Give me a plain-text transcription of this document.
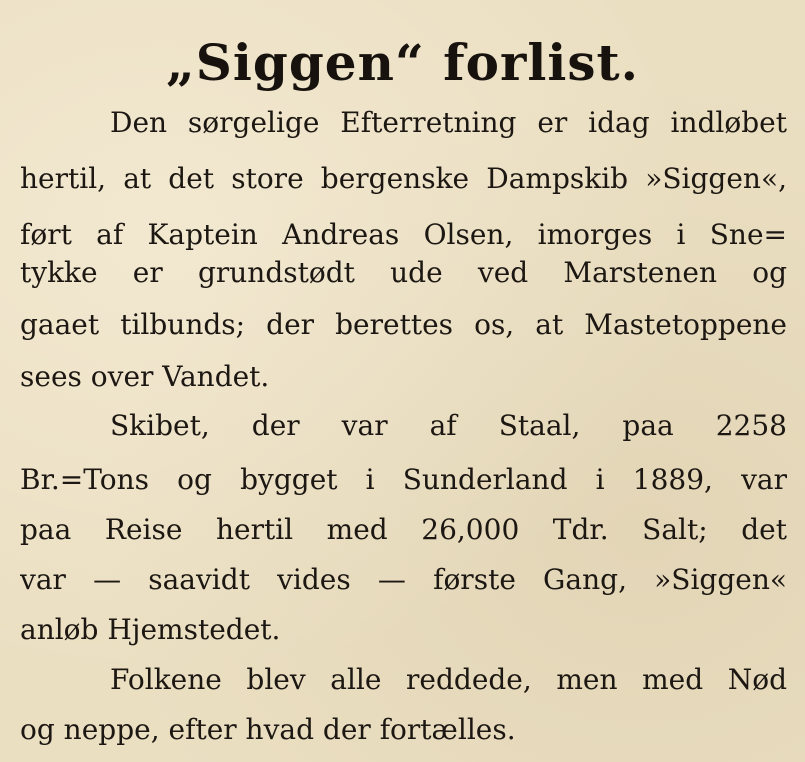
„Siggen“ forlist.
Den sørgelige Efterretning er idag indløbet
hertil, at det store bergenske Dampskib »Siggen«,
ført af Kaptein Andreas Olsen, imorges i Sne=
tykke er grundstødt ude ved Marstenen og
gaaet tilbunds; der berettes os, at Mastetoppene
sees over Vandet.
Skibet, der var af Staal, paa 2258
Br.=Tons og bygget i Sunderland i 1889, var
paa Reise hertil med 26,000 Tdr. Salt; det
var — saavidt vides — første Gang, »Siggen«
anløb Hjemstedet.
Folkene blev alle reddede, men med Nød
og neppe, efter hvad der fortælles.
